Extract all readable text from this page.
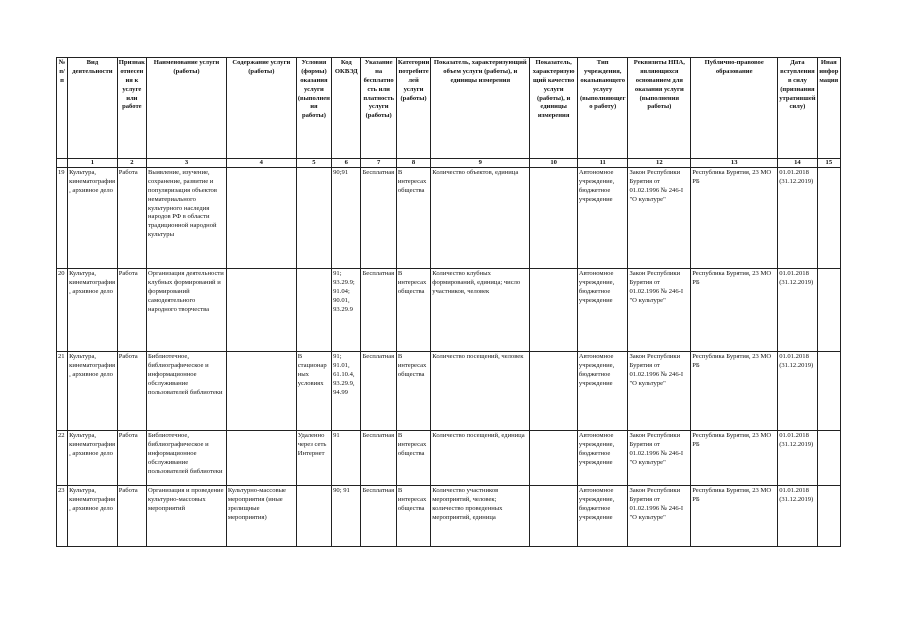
№ п/п	Вид деятельности	Признак отнесения к услуге или работе	Наименование услуги (работы)	Содержание услуги (работы)	Условия (формы) оказания услуги (выполнения работы)	Код ОКВЭД	Указание на бесплатность или платность услуги (работы)	Категории потребителей услуги (работы)	Показатель, характеризующий объем услуги (работы), и единицы измерения	Показатель, характеризующий качество услуги (работы), и единицы измерения	Тип учреждения, оказывающего услугу (выполняющего работу)	Реквизиты НПА, являющихся основанием для оказания услуги (выполнения работы)	Публично-правовое образование	Дата вступления в силу (признания утратившей силу)	Иная информация
	1	2	3	4	5	6	7	8	9	10	11	12	13	14	15
19	Культура, кинематография, архивное дело	Работа	Выявление, изучение, сохранение, развитие и популяризация объектов нематериального культурного наследия народов РФ в области традиционной народной культуры			90;91	Бесплатная	В интересах общества	Количество объектов, единица		Автономное учреждение, бюджетное учреждение	Закон Республики Бурятия от 01.02.1996 № 246-I "О культуре"	Республика Бурятия, 23 МО РБ	01.01.2018 (31.12.2019)	
20	Культура, кинематография, архивное дело	Работа	Организация деятельности клубных формирований и формирований самодеятельного народного творчества			91; 93.29.9; 91.04; 90.01, 93.29.9	Бесплатная	В интересах общества	Количество клубных формирований, единица; число участников, человек		Автономное учреждение, бюджетное учреждение	Закон Республики Бурятия от 01.02.1996 № 246-I "О культуре"	Республика Бурятия, 23 МО РБ	01.01.2018 (31.12.2019)	
21	Культура, кинематография, архивное дело	Работа	Библиотечное, библиографическое и информационное обслуживание пользователей библиотеки		В стационарных условиях	91; 91.01, 61.10.4, 93.29.9, 94.99	Бесплатная	В интересах общества	Количество посещений, человек		Автономное учреждение, бюджетное учреждение	Закон Республики Бурятия от 01.02.1996 № 246-I "О культуре"	Республика Бурятия, 23 МО РБ	01.01.2018 (31.12.2019)	
22	Культура, кинематография, архивное дело	Работа	Библиотечное, библиографическое и информационное обслуживание пользователей библиотеки		Удаленно через сеть Интернет	91	Бесплатная	В интересах общества	Количество посещений, единица		Автономное учреждение, бюджетное учреждение	Закон Республики Бурятия от 01.02.1996 № 246-I "О культуре"	Республика Бурятия, 23 МО РБ	01.01.2018 (31.12.2019)	
23	Культура, кинематография, архивное дело	Работа	Организация и проведение культурно-массовых мероприятий	Культурно-массовые мероприятия (иные зрелищные мероприятия)		90; 91	Бесплатная	В интересах общества	Количество участников мероприятий, человек; количество проведенных мероприятий, единица		Автономное учреждение, бюджетное учреждение	Закон Республики Бурятия от 01.02.1996 № 246-I "О культуре"	Республика Бурятия, 23 МО РБ	01.01.2018 (31.12.2019)	
